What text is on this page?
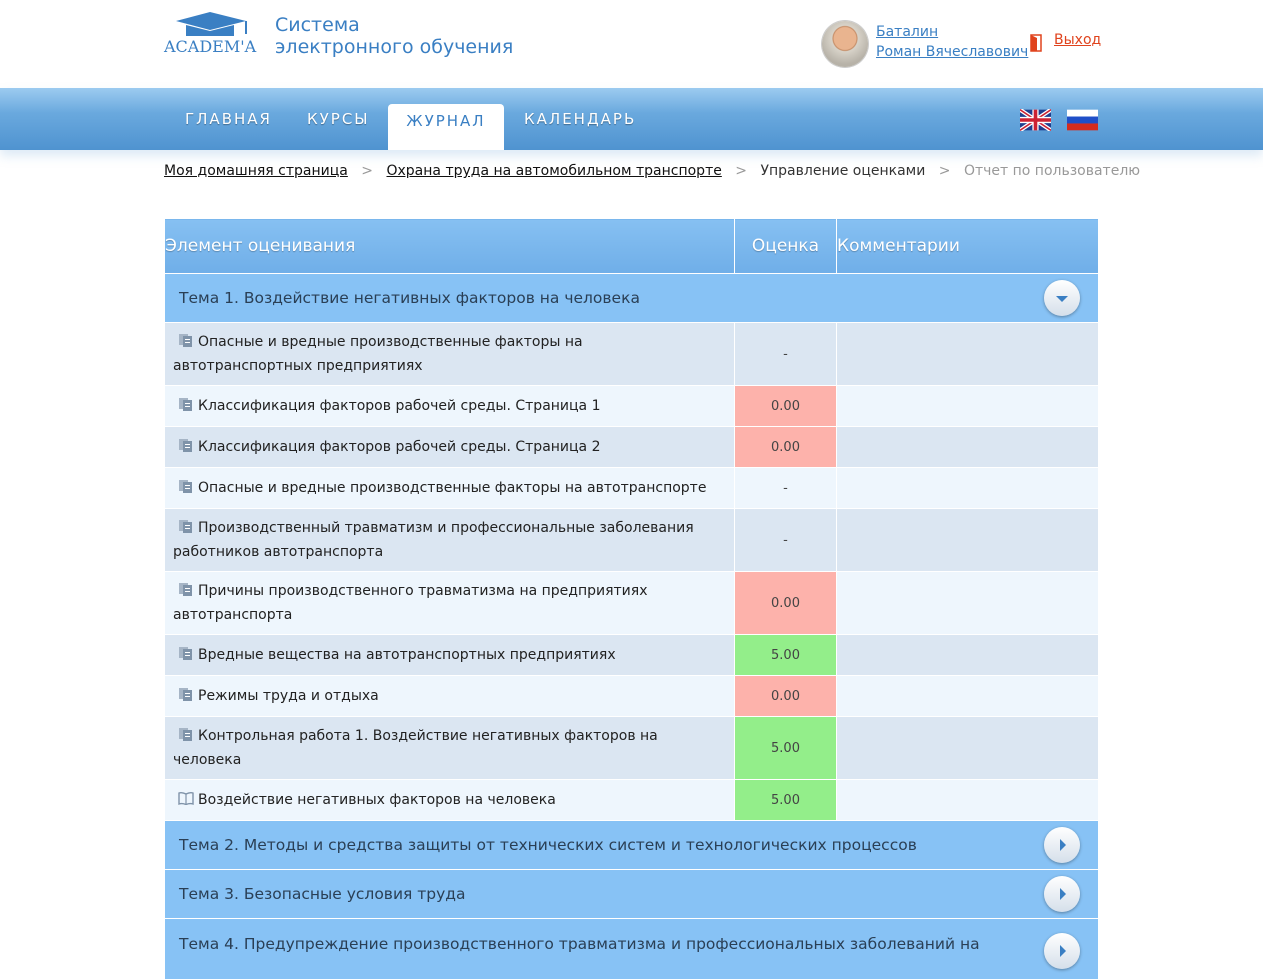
ACADEM'A
Система
электронного обучения
Баталин
Роман Вячеславович
Выход
ГЛАВНАЯ КУРСЫ	ЖУРНАЛ	КАЛЕНДАРЬ
Моя домашняя страница > Охрана труда на автомобильном транспорте > Управление оценками > Отчет по пользователю
Элемент оценивания	Оценка	Комментарии

Тема 1. Воздействие негативных факторов на человека		

Опасные и вредные производственные факторы на автотранспортных предприятиях	-	
Классификация факторов рабочей среды. Страница 1	0.00	
Классификация факторов рабочей среды. Страница 2	0.00	
Опасные и вредные производственные факторы на автотранспорте	-	
Производственный травматизм и профессиональные заболевания работников автотранспорта	-	
Причины производственного травматизма на предприятиях автотранспорта	0.00	
Вредные вещества на автотранспортных предприятиях	5.00	
Режимы труда и отдыха	0.00	
Контрольная работа 1. Воздействие негативных факторов на человека	5.00	
Воздействие негативных факторов на человека	5.00	

Тема 2. Методы и средства защиты от технических систем и технологических процессов		

Тема 3. Безопасные условия труда		

Тема 4. Предупреждение производственного травматизма и профессиональных заболеваний на		
